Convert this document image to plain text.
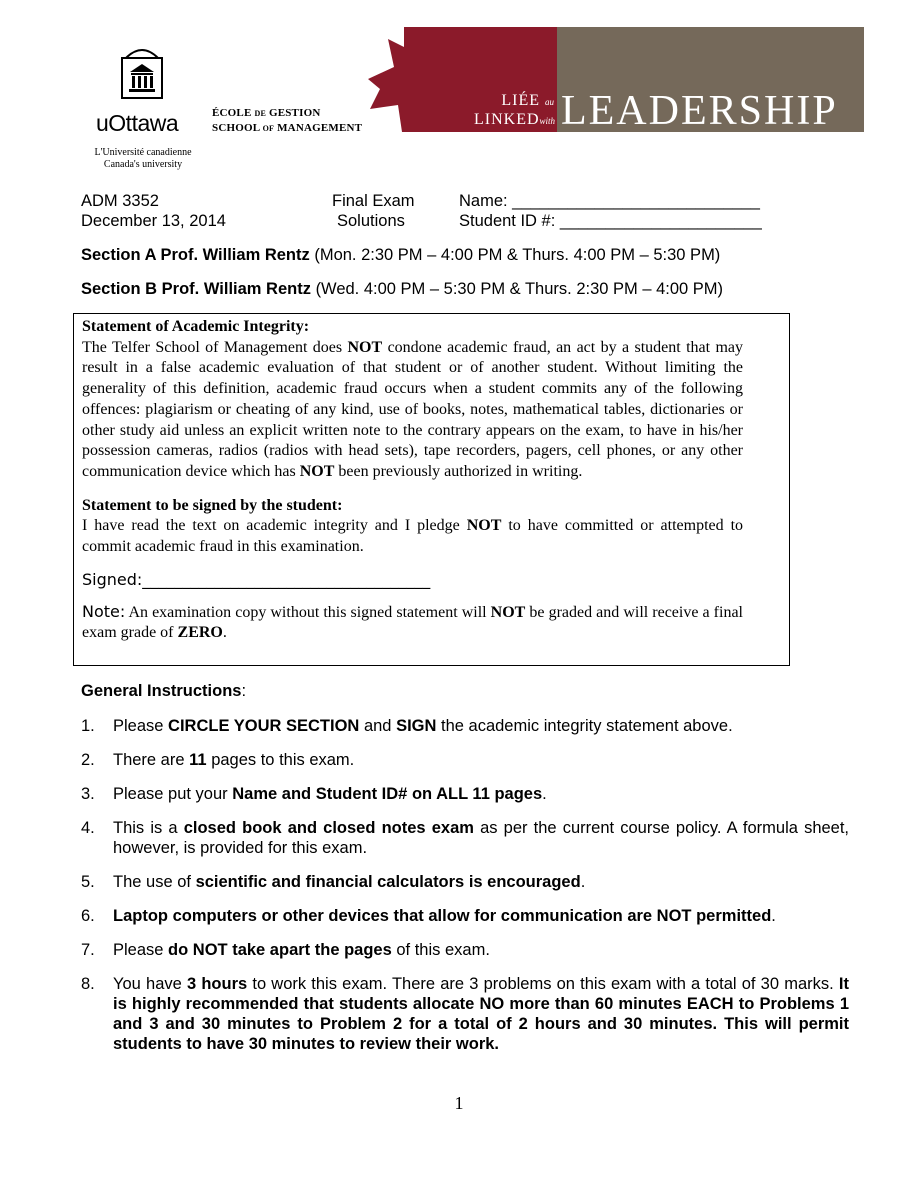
uOttawa
L'Université canadienne
Canada's university
ÉCOLE DE GESTION
SCHOOL OF MANAGEMENT
LIÉE au
LINKEDwith LEADERSHIP
ADM 3352
December 13, 2014
Final Exam
Solutions
Name: ___________________________
Student ID #: ______________________
Section A Prof. William Rentz (Mon. 2:30 PM – 4:00 PM & Thurs. 4:00 PM – 5:30 PM)
Section B Prof. William Rentz (Wed. 4:00 PM – 5:30 PM & Thurs. 2:30 PM – 4:00 PM)

Statement of Academic Integrity:

The Telfer School of Management does NOT condone academic fraud, an act by a student that may result in a false academic evaluation of that student or of another student. Without limiting the generality of this definition, academic fraud occurs when a student commits any of the following offences: plagiarism or cheating of any kind, use of books, notes, mathematical tables, dictionaries or other study aid unless an explicit written note to the contrary appears on the exam, to have in his/her possession cameras, radios (radios with head sets), tape recorders, pagers, cell phones, or any other communication device which has NOT been previously authorized in writing.

Statement to be signed by the student:

I have read the text on academic integrity and I pledge NOT to have committed or attempted to commit academic fraud in this examination.

Signed:____________________________________

Note: An examination copy without this signed statement will NOT be graded and will receive a final exam grade of ZERO.

General Instructions:
1. Please CIRCLE YOUR SECTION and SIGN the academic integrity statement above.
2. There are 11 pages to this exam.
3. Please put your Name and Student ID# on ALL 11 pages.
4. This is a closed book and closed notes exam as per the current course policy. A formula sheet, however, is provided for this exam.
5. The use of scientific and financial calculators is encouraged.
6. Laptop computers or other devices that allow for communication are NOT permitted.
7. Please do NOT take apart the pages of this exam.
8. You have 3 hours to work this exam. There are 3 problems on this exam with a total of 30 marks. It is highly recommended that students allocate NO more than 60 minutes EACH to Problems 1 and 3 and 30 minutes to Problem 2 for a total of 2 hours and 30 minutes. This will permit students to have 30 minutes to review their work.
1
